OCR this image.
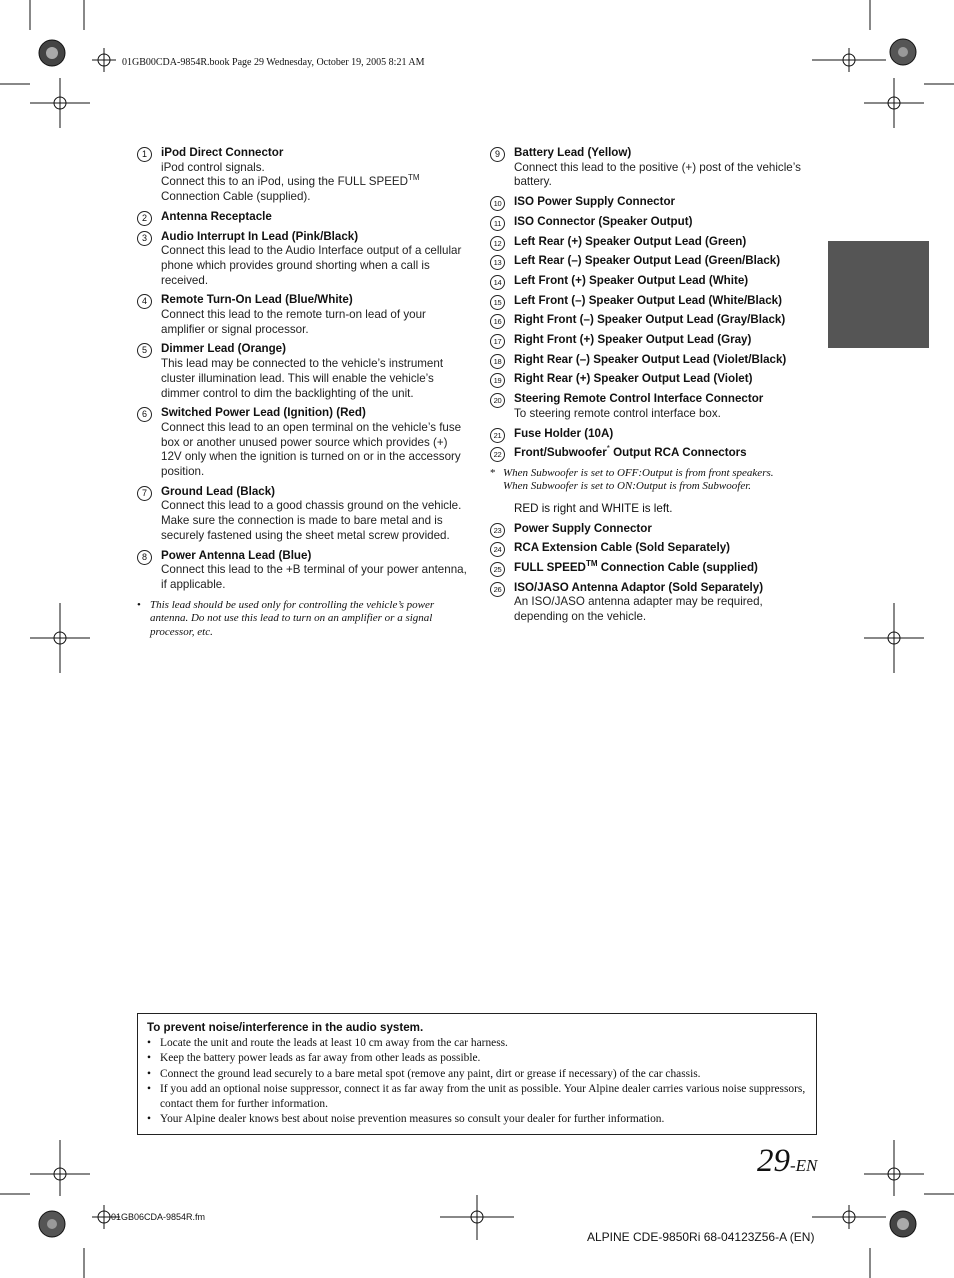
01GB00CDA-9854R.book Page 29 Wednesday, October 19, 2005 8:21 AM
1	iPod Direct Connector
iPod control signals.
Connect this to an iPod, using the FULL SPEED™
Connection Cable (supplied).
2	Antenna Receptacle
3	Audio Interrupt In Lead (Pink/Black)
Connect this lead to the Audio Interface output of a cellular phone which provides ground shorting when a call is received.
4	Remote Turn-On Lead (Blue/White)
Connect this lead to the remote turn-on lead of your amplifier or signal processor.
5	Dimmer Lead (Orange)
This lead may be connected to the vehicle’s instrument cluster illumination lead. This will enable the vehicle’s dimmer control to dim the backlighting of the unit.
6	Switched Power Lead (Ignition) (Red)
Connect this lead to an open terminal on the vehicle’s fuse box or another unused power source which provides (+) 12V only when the ignition is turned on or in the accessory position.
7	Ground Lead (Black)
Connect this lead to a good chassis ground on the vehicle. Make sure the connection is made to bare metal and is securely fastened using the sheet metal screw provided.
8	Power Antenna Lead (Blue)
Connect this lead to the +B terminal of your power antenna, if applicable.
• This lead should be used only for controlling the vehicle’s power antenna. Do not use this lead to turn on an amplifier or a signal processor, etc.
9	Battery Lead (Yellow)
Connect this lead to the positive (+) post of the vehicle’s battery.
10	ISO Power Supply Connector
11	ISO Connector (Speaker Output)
12	Left Rear (+) Speaker Output Lead (Green)
13	Left Rear (–) Speaker Output Lead (Green/Black)
14	Left Front (+) Speaker Output Lead (White)
15	Left Front (–) Speaker Output Lead (White/Black)
16	Right Front (–) Speaker Output Lead (Gray/Black)
17	Right Front (+) Speaker Output Lead (Gray)
18	Right Rear (–) Speaker Output Lead (Violet/Black)
19	Right Rear (+) Speaker Output Lead (Violet)
20	Steering Remote Control Interface Connector
To steering remote control interface box.
21	Fuse Holder (10A)
22	Front/Subwoofer* Output RCA Connectors
* When Subwoofer is set to OFF:Output is from front speakers.
When Subwoofer is set to ON:Output is from Subwoofer.
RED is right and WHITE is left.
23	Power Supply Connector
24	RCA Extension Cable (Sold Separately)
25	FULL SPEED™ Connection Cable (supplied)
26	ISO/JASO Antenna Adaptor (Sold Separately)
An ISO/JASO antenna adapter may be required, depending on the vehicle.
To prevent noise/interference in the audio system.
• Locate the unit and route the leads at least 10 cm away from the car harness.
• Keep the battery power leads as far away from other leads as possible.
• Connect the ground lead securely to a bare metal spot (remove any paint, dirt or grease if necessary) of the car chassis.
• If you add an optional noise suppressor, connect it as far away from the unit as possible. Your Alpine dealer carries various noise suppressors, contact them for further information.
• Your Alpine dealer knows best about noise prevention measures so consult your dealer for further information.
29-EN
01GB06CDA-9854R.fm
ALPINE CDE-9850Ri 68-04123Z56-A (EN)
